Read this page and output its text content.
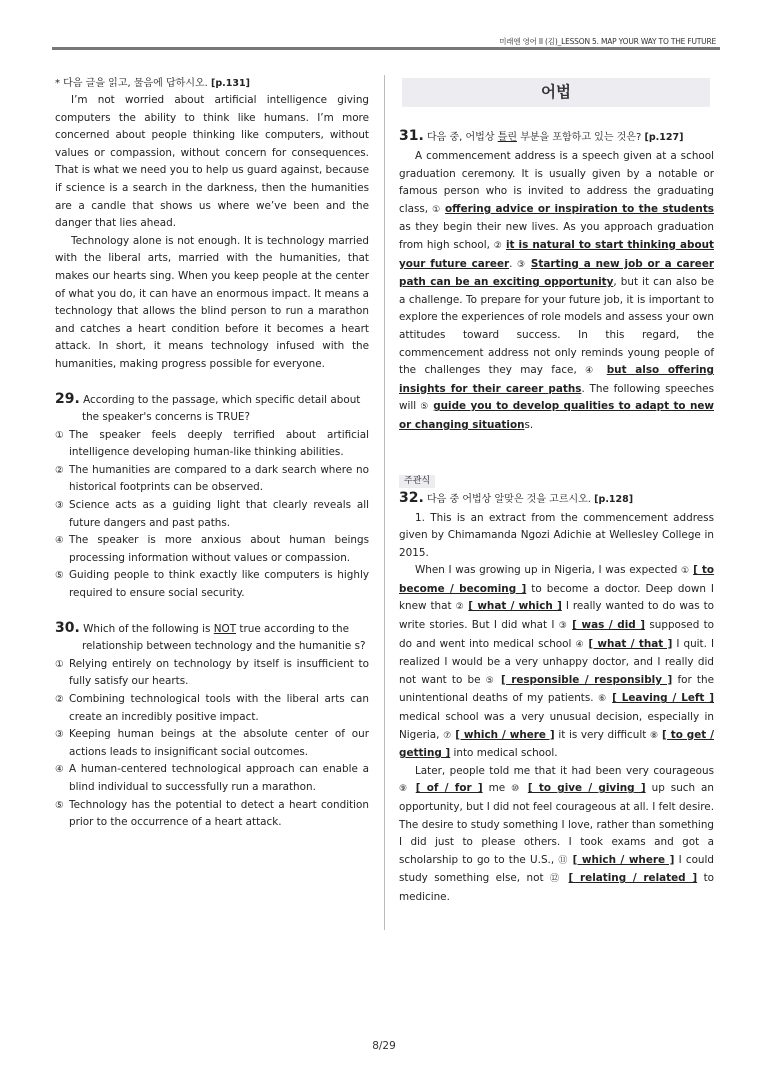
미래엔 영어 II (김)_LESSON 5. MAP YOUR WAY TO THE FUTURE

* 다음 글을 읽고, 물음에 답하시오. [p.131]

I’m not worried about artificial intelligence giving computers the ability to think like humans. I’m more concerned about people thinking like computers, without values or compassion, without concern for consequences. That is what we need you to help us guard against, because if science is a search in the darkness, then the humanities are a candle that shows us where we’ve been and the danger that lies ahead.

Technology alone is not enough. It is technology married with the liberal arts, married with the humanities, that makes our hearts sing. When you keep people at the center of what you do, it can have an enormous impact. It means a technology that allows the blind person to run a marathon and catches a heart condition before it becomes a heart attack. In short, it means technology infused with the humanities, making progress possible for everyone.

29. According to the passage, which specific detail about the speaker's concerns is TRUE?

① The speaker feels deeply terrified about artificial intelligence developing human-like thinking abilities.

② The humanities are compared to a dark search where no historical footprints can be observed.

③ Science acts as a guiding light that clearly reveals all future dangers and past paths.

④ The speaker is more anxious about human beings processing information without values or compassion.

⑤ Guiding people to think exactly like computers is highly required to ensure social security.

30. Which of the following is NOT true according to the relationship between technology and the humanitie s?

① Relying entirely on technology by itself is insufficient to fully satisfy our hearts.

② Combining technological tools with the liberal arts can create an incredibly positive impact.

③ Keeping human beings at the absolute center of our actions leads to insignificant social outcomes.

④ A human-centered technological approach can enable a blind individual to successfully run a marathon.

⑤ Technology has the potential to detect a heart condition prior to the occurrence of a heart attack.

어법

31. 다음 중, 어법상 틀린 부분을 포함하고 있는 것은? [p.127]

A commencement address is a speech given at a school graduation ceremony. It is usually given by a notable or famous person who is invited to address the graduating class, ① offering advice or inspiration to the students as they begin their new lives. As you approach graduation from high school, ② it is natural to start thinking about your future career. ③ Starting a new job or a career path can be an exciting opportunity, but it can also be a challenge. To prepare for your future job, it is important to explore the experiences of role models and assess your own attitudes toward success. In this regard, the commencement address not only reminds young people of the challenges they may face, ④ but also offering insights for their career paths. The following speeches will ⑤ guide you to develop qualities to adapt to new or changing situations.

주관식

32. 다음 중 어법상 알맞은 것을 고르시오. [p.128]

1. This is an extract from the commencement address given by Chimamanda Ngozi Adichie at Wellesley College in 2015.

When I was growing up in Nigeria, I was expected ① [ to become / becoming ] to become a doctor. Deep down I knew that ② [ what / which ] I really wanted to do was to write stories. But I did what I ③ [ was / did ] supposed to do and went into medical school ④ [ what / that ] I quit. I realized I would be a very unhappy doctor, and I really did not want to be ⑤ [ responsible / responsibly ] for the unintentional deaths of my patients. ⑥ [ Leaving / Left ] medical school was a very unusual decision, especially in Nigeria, ⑦ [ which / where ] it is very difficult ⑧ [ to get / getting ] into medical school.

Later, people told me that it had been very courageous ⑨ [ of / for ] me ⑩ [ to give / giving ] up such an opportunity, but I did not feel courageous at all. I felt desire. The desire to study something I love, rather than something I did just to please others. I took exams and got a scholarship to go to the U.S., ⑪ [ which / where ] I could study something else, not ⑫ [ relating / related ] to medicine.

8/29
